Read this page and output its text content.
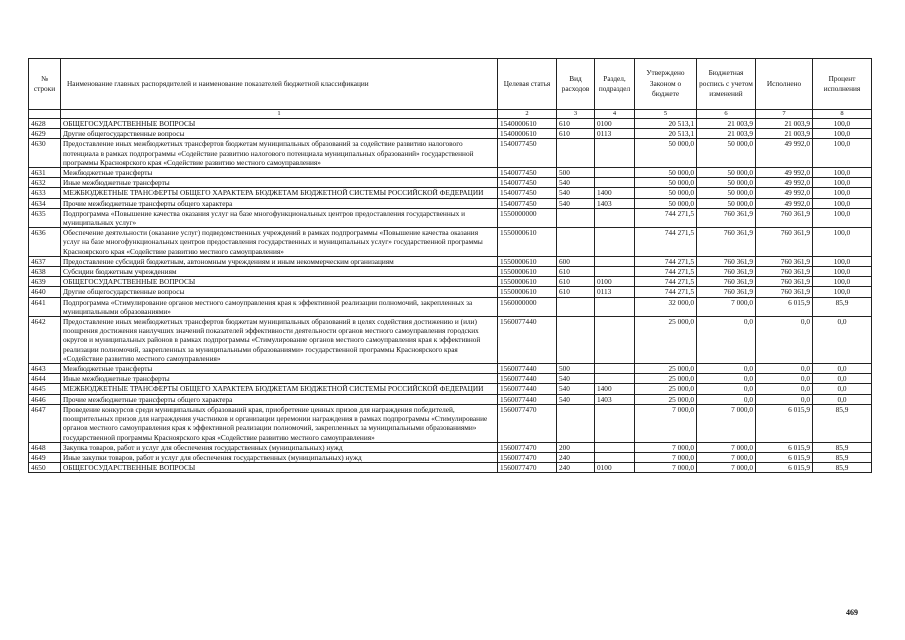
№ строки	Наименование главных распорядителей и наименование показателей бюджетной классификации	Целевая статья	Вид расходов	Раздел, подраздел	Утверждено Законом о бюджете	Бюджетная роспись с учетом изменений	Исполнено	Процент исполнения
	1	2	3	4	5	6	7	8
4628	ОБЩЕГОСУДАРСТВЕННЫЕ ВОПРОСЫ	1540000610	610	0100	20 513,1	21 003,9	21 003,9	100,0
4629	Другие общегосударственные вопросы	1540000610	610	0113	20 513,1	21 003,9	21 003,9	100,0
4630	Предоставление иных межбюджетных трансфертов бюджетам муниципальных образований за содействие развитию налогового потенциала в рамках подпрограммы «Содействие развитию налогового потенциала муниципальных образований» государственной программы Красноярского края «Содействие развитию местного самоуправления»	1540077450			50 000,0	50 000,0	49 992,0	100,0
4631	Межбюджетные трансферты	1540077450	500		50 000,0	50 000,0	49 992,0	100,0
4632	Иные межбюджетные трансферты	1540077450	540		50 000,0	50 000,0	49 992,0	100,0
4633	МЕЖБЮДЖЕТНЫЕ ТРАНСФЕРТЫ ОБЩЕГО ХАРАКТЕРА БЮДЖЕТАМ БЮДЖЕТНОЙ СИСТЕМЫ РОССИЙСКОЙ ФЕДЕРАЦИИ	1540077450	540	1400	50 000,0	50 000,0	49 992,0	100,0
4634	Прочие межбюджетные трансферты общего характера	1540077450	540	1403	50 000,0	50 000,0	49 992,0	100,0
4635	Подпрограмма «Повышение качества оказания услуг на базе многофункциональных центров предоставления государственных и муниципальных услуг»	1550000000			744 271,5	760 361,9	760 361,9	100,0
4636	Обеспечение деятельности (оказание услуг) подведомственных учреждений в рамках подпрограммы «Повышение качества оказания услуг на базе многофункциональных центров предоставления государственных и муниципальных услуг» государственной программы Красноярского края «Содействие развитию местного самоуправления»	1550000610			744 271,5	760 361,9	760 361,9	100,0
4637	Предоставление субсидий бюджетным, автономным учреждениям и иным некоммерческим организациям	1550000610	600		744 271,5	760 361,9	760 361,9	100,0
4638	Субсидии бюджетным учреждениям	1550000610	610		744 271,5	760 361,9	760 361,9	100,0
4639	ОБЩЕГОСУДАРСТВЕННЫЕ ВОПРОСЫ	1550000610	610	0100	744 271,5	760 361,9	760 361,9	100,0
4640	Другие общегосударственные вопросы	1550000610	610	0113	744 271,5	760 361,9	760 361,9	100,0
4641	Подпрограмма «Стимулирование органов местного самоуправления края к эффективной реализации полномочий, закрепленных за муниципальными образованиями»	1560000000			32 000,0	7 000,0	6 015,9	85,9
4642	Предоставление иных межбюджетных трансфертов бюджетам муниципальных образований в целях содействия достижению и (или) поощрения достижения наилучших значений показателей эффективности деятельности органов местного самоуправления городских округов и муниципальных районов в рамках подпрограммы «Стимулирование органов местного самоуправления края к эффективной реализации полномочий, закрепленных за муниципальными образованиями» государственной программы Красноярского края «Содействие развитию местного самоуправления»	1560077440			25 000,0	0,0	0,0	0,0
4643	Межбюджетные трансферты	1560077440	500		25 000,0	0,0	0,0	0,0
4644	Иные межбюджетные трансферты	1560077440	540		25 000,0	0,0	0,0	0,0
4645	МЕЖБЮДЖЕТНЫЕ ТРАНСФЕРТЫ ОБЩЕГО ХАРАКТЕРА БЮДЖЕТАМ БЮДЖЕТНОЙ СИСТЕМЫ РОССИЙСКОЙ ФЕДЕРАЦИИ	1560077440	540	1400	25 000,0	0,0	0,0	0,0
4646	Прочие межбюджетные трансферты общего характера	1560077440	540	1403	25 000,0	0,0	0,0	0,0
4647	Проведение конкурсов среди муниципальных образований края, приобретение ценных призов для награждения победителей, поощрительных призов для награждения участников и организации церемонии награждения в рамках подпрограммы «Стимулирование органов местного самоуправления края к эффективной реализации полномочий, закрепленных за муниципальными образованиями» государственной программы Красноярского края «Содействие развитию местного самоуправления»	1560077470			7 000,0	7 000,0	6 015,9	85,9
4648	Закупка товаров, работ и услуг для обеспечения государственных (муниципальных) нужд	1560077470	200		7 000,0	7 000,0	6 015,9	85,9
4649	Иные закупки товаров, работ и услуг для обеспечения государственных (муниципальных) нужд	1560077470	240		7 000,0	7 000,0	6 015,9	85,9
4650	ОБЩЕГОСУДАРСТВЕННЫЕ ВОПРОСЫ	1560077470	240	0100	7 000,0	7 000,0	6 015,9	85,9
469
